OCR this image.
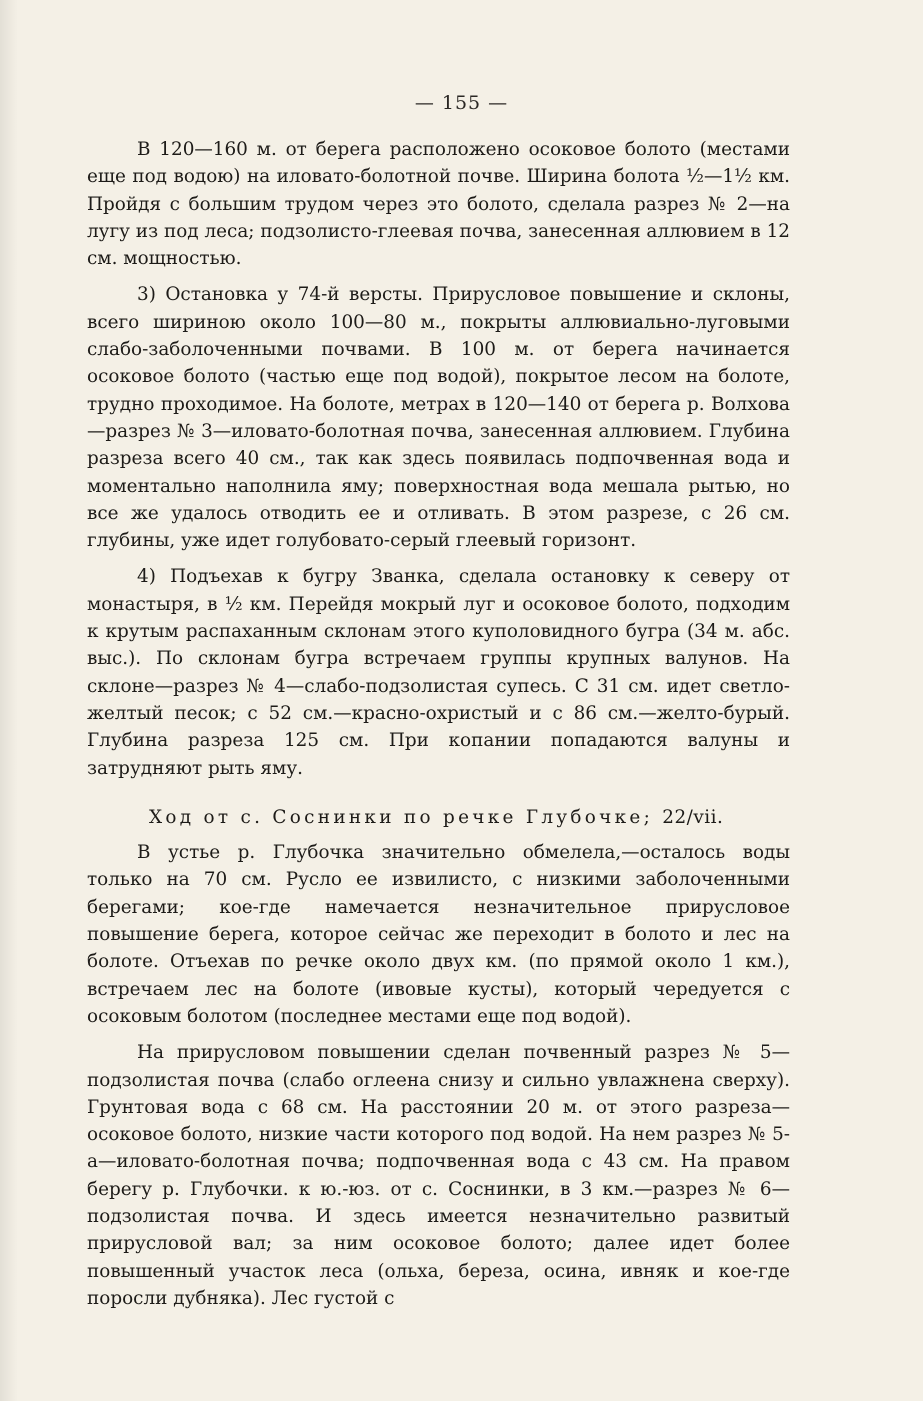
— 155 —

В 120—160 м. от берега расположено осоковое болото (местами еще под водою) на иловато-болотной почве. Ширина болота ½—1½ км. Пройдя с большим трудом через это болото, сделала разрез № 2—на лугу из под леса; подзолисто-глеевая почва, занесенная аллювием в 12 см. мощностью.

3) Остановка у 74-й версты. Прирусловое повышение и склоны, всего шириною около 100—80 м., покрыты аллювиально-луговыми слабо-заболоченными почвами. В 100 м. от берега начинается осоковое болото (частью еще под водой), покрытое лесом на болоте, трудно проходимое. На болоте, метрах в 120—140 от берега р. Волхова—разрез № 3—иловато-болотная почва, занесенная аллювием. Глубина разреза всего 40 см., так как здесь появилась подпочвенная вода и моментально наполнила яму; поверхностная вода мешала рытью, но все же удалось отводить ее и отливать. В этом разрезе, с 26 см. глубины, уже идет голубовато-серый глеевый горизонт.

4) Подъехав к бугру Званка, сделала остановку к северу от монастыря, в ½ км. Перейдя мокрый луг и осоковое болото, подходим к крутым распаханным склонам этого куполовидного бугра (34 м. абс. выс.). По склонам бугра встречаем группы крупных валунов. На склоне—разрез № 4—слабо-подзолистая супесь. С 31 см. идет светло-желтый песок; с 52 см.—красно-охристый и с 86 см.—желто-бурый. Глубина разреза 125 см. При копании попадаются валуны и затрудняют рыть яму.

Ход от с. Соснинки по речке Глубочке; 22/vii.

В устье р. Глубочка значительно обмелела,—осталось воды только на 70 см. Русло ее извилисто, с низкими заболоченными берегами; кое-где намечается незначительное прирусловое повышение берега, которое сейчас же переходит в болото и лес на болоте. Отъехав по речке около двух км. (по прямой около 1 км.), встречаем лес на болоте (ивовые кусты), который чередуется с осоковым болотом (последнее местами еще под водой).

На прирусловом повышении сделан почвенный разрез № 5—подзолистая почва (слабо оглеена снизу и сильно увлажнена сверху). Грунтовая вода с 68 см. На расстоянии 20 м. от этого разреза—осоковое болото, низкие части которого под водой. На нем разрез № 5-а—иловато-болотная почва; подпочвенная вода с 43 см. На правом берегу р. Глубочки. к ю.-юз. от с. Соснинки, в 3 км.—разрез № 6—подзолистая почва. И здесь имеется незначительно развитый прирусловой вал; за ним осоковое болото; далее идет более повышенный участок леса (ольха, береза, осина, ивняк и кое-где поросли дубняка). Лес густой с
